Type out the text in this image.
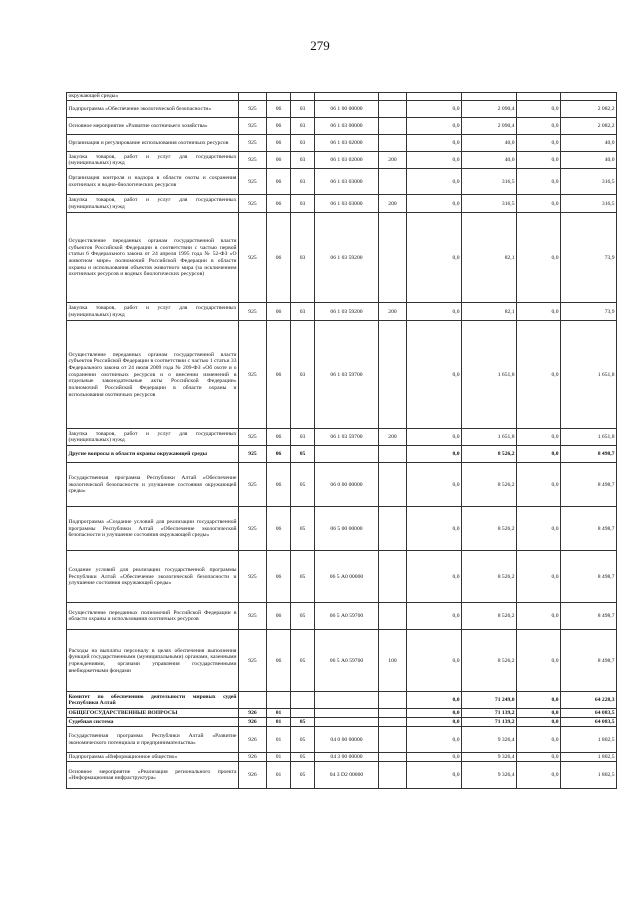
279
окружающей среды»									
Подпрограмма «Обеспечение экологической безопасности»	925	06	03	06 1 00 00000		0,0	2 090,4	0,0	2 082,2
Основное мероприятие «Развитие охотничьего хозяйства»	925	06	03	06 1 03 00000		0,0	2 090,4	0,0	2 082,2
Организация и регулирование использования охотничьих ресурсов	925	06	03	06 1 03 02000		0,0	40,0	0,0	40,0
Закупка товаров, работ и услуг для государственных (муниципальных) нужд	925	06	03	06 1 03 02000	200	0,0	40,0	0,0	40,0
Организация контроля и надзора в области охоты и сохранения охотничьих и водно-биологических ресурсов	925	06	03	06 1 03 03000		0,0	316,5	0,0	316,5
Закупка товаров, работ и услуг для государственных (муниципальных) нужд	925	06	03	06 1 03 03000	200	0,0	316,5	0,0	316,5
Осуществление переданных органам государственной власти субъектов Российской Федерации в соответствии с частью первой статьи 6 Федерального закона от 24 апреля 1995 года № 52-ФЗ «О животном мире» полномочий Российской Федерации в области охраны и использования объектов животного мира (за исключением охотничьих ресурсов и водных биологических ресурсов)	925	06	03	06 1 03 59200		0,0	82,1	0,0	73,9
Закупка товаров, работ и услуг для государственных (муниципальных) нужд	925	06	03	06 1 03 59200	200	0,0	82,1	0,0	73,9
Осуществление переданных органам государственной власти субъектов Российской Федерации в соответствии с частью 1 статьи 33 Федерального закона от 24 июля 2009 года № 209-ФЗ «Об охоте и о сохранении охотничьих ресурсов и о внесении изменений в отдельные законодательные акты Российской Федерации» полномочий Российской Федерации в области охраны и использования охотничьих ресурсов	925	06	03	06 1 03 59700		0,0	1 651,8	0,0	1 651,8
Закупка товаров, работ и услуг для государственных (муниципальных) нужд	925	06	03	06 1 03 59700	200	0,0	1 651,8	0,0	1 651,8
Другие вопросы в области охраны окружающей среды	925	06	05			0,0	8 526,2	0,0	8 498,7
Государственная программа Республики Алтай «Обеспечение экологической безопасности и улучшение состояния окружающей среды»	925	06	05	06 0 00 00000		0,0	8 526,2	0,0	8 498,7
Подпрограмма «Создание условий для реализации государственной программы Республики Алтай «Обеспечение экологической безопасности и улучшение состояния окружающей среды»	925	06	05	06 5 00 00000		0,0	8 526,2	0,0	8 498,7
Создание условий для реализации государственной программы Республики Алтай «Обеспечение экологической безопасности и улучшение состояния окружающей среды»	925	06	05	06 5 А0 00000		0,0	8 526,2	0,0	8 498,7
Осуществление переданных полномочий Российской Федерации в области охраны и использования охотничьих ресурсов	925	06	05	06 5 А0 59700		0,0	8 526,2	0,0	8 498,7
Расходы на выплаты персоналу в целях обеспечения выполнения функций государственными (муниципальными) органами, казенными учреждениями, органами управления государственными внебюджетными фондами	925	06	05	06 5 А0 59700	100	0,0	8 526,2	0,0	8 498,7
Комитет по обеспечению деятельности мировых судей Республики Алтай						0,0	71 249,0	0,0	64 228,3
ОБЩЕГОСУДАРСТВЕННЫЕ ВОПРОСЫ	926	01				0,0	71 139,2	0,0	64 083,5
Судебная система	926	01	05			0,0	71 139,2	0,0	64 083,5
Государственная программа Республики Алтай «Развитие экономического потенциала и предпринимательства»	926	01	05	04 0 00 00000		0,0	9 326,4	0,0	1 802,5
Подпрограмма «Информационное общество»	926	01	05	04 3 00 00000		0,0	9 326,4	0,0	1 802,5
Основное мероприятие «Реализация регионального проекта «Информационная инфраструктура»	926	01	05	04 3 D2 00000		0,0	9 326,4	0,0	1 802,5
